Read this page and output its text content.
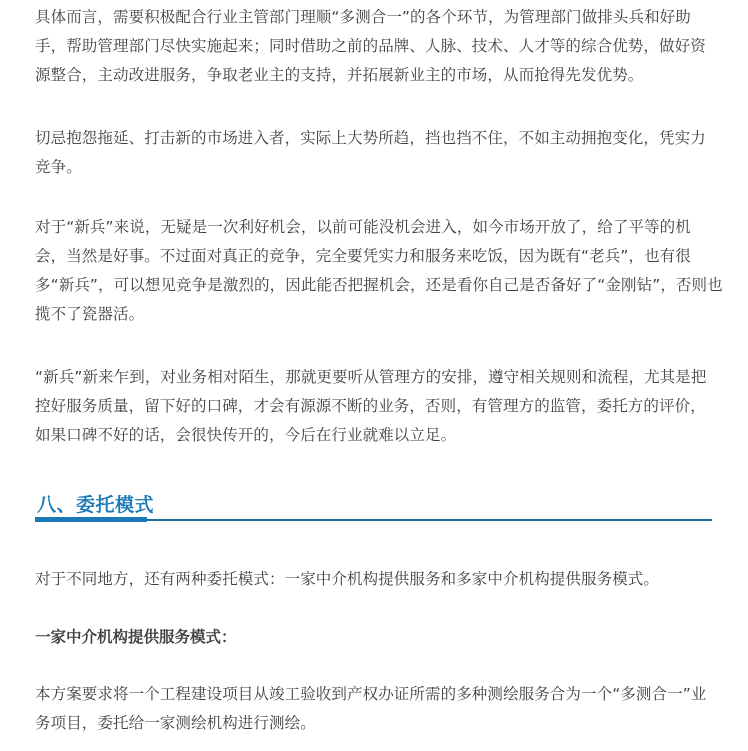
具体而言，需要积极配合行业主管部门理顺“多测合一”的各个环节，为管理部门做排头兵和好助
手，帮助管理部门尽快实施起来；同时借助之前的品牌、人脉、技术、人才等的综合优势，做好资
源整合，主动改进服务，争取老业主的支持，并拓展新业主的市场，从而抢得先发优势。

切忌抱怨拖延、打击新的市场进入者，实际上大势所趋，挡也挡不住，不如主动拥抱变化，凭实力
竞争。

对于“新兵”来说，无疑是一次利好机会，以前可能没机会进入，如今市场开放了，给了平等的机
会，当然是好事。不过面对真正的竞争，完全要凭实力和服务来吃饭，因为既有“老兵”，也有很
多“新兵”，可以想见竞争是激烈的，因此能否把握机会，还是看你自己是否备好了“金刚钻”，否则也
揽不了瓷器活。

“新兵”新来乍到，对业务相对陌生，那就更要听从管理方的安排，遵守相关规则和流程，尤其是把
控好服务质量，留下好的口碑，才会有源源不断的业务，否则，有管理方的监管，委托方的评价，
如果口碑不好的话，会很快传开的，今后在行业就难以立足。

八、委托模式

对于不同地方，还有两种委托模式：一家中介机构提供服务和多家中介机构提供服务模式。

一家中介机构提供服务模式：

本方案要求将一个工程建设项目从竣工验收到产权办证所需的多种测绘服务合为一个“多测合一”业
务项目，委托给一家测绘机构进行测绘。
